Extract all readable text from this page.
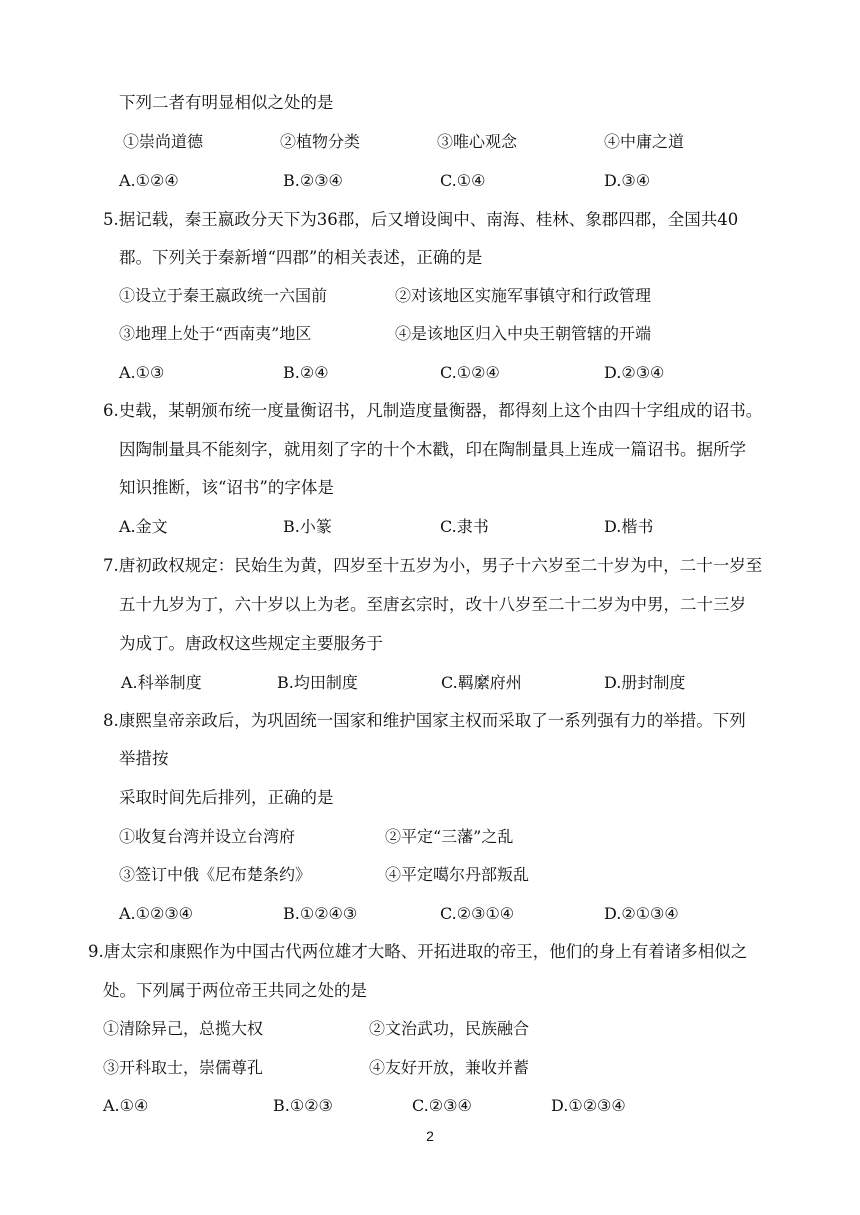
下列二者有明显相似之处的是
①崇尚道德	②植物分类	③唯心观念	④中庸之道
A.①②④	B.②③④	C.①④	D.③④
5.据记载，秦王嬴政分天下为36郡，后又增设闽中、南海、桂林、象郡四郡，全国共40
郡。下列关于秦新增“四郡”的相关表述，正确的是
①设立于秦王嬴政统一六国前	②对该地区实施军事镇守和行政管理
③地理上处于“西南夷”地区	④是该地区归入中央王朝管辖的开端
A.①③	B.②④	C.①②④	D.②③④
6.史载，某朝颁布统一度量衡诏书，凡制造度量衡器，都得刻上这个由四十字组成的诏书。
因陶制量具不能刻字，就用刻了字的十个木戳，印在陶制量具上连成一篇诏书。据所学
知识推断，该“诏书”的字体是
A.金文	B.小篆	C.隶书	D.楷书
7.唐初政权规定：民始生为黄，四岁至十五岁为小，男子十六岁至二十岁为中，二十一岁至
五十九岁为丁，六十岁以上为老。至唐玄宗时，改十八岁至二十二岁为中男，二十三岁
为成丁。唐政权这些规定主要服务于
A.科举制度	B.均田制度	C.羁縻府州	D.册封制度
8.康熙皇帝亲政后，为巩固统一国家和维护国家主权而采取了一系列强有力的举措。下列
举措按
采取时间先后排列，正确的是
①收复台湾并设立台湾府	②平定“三藩”之乱
③签订中俄《尼布楚条约》	④平定噶尔丹部叛乱
A.①②③④	B.①②④③	C.②③①④	D.②①③④
9.唐太宗和康熙作为中国古代两位雄才大略、开拓进取的帝王，他们的身上有着诸多相似之
处。下列属于两位帝王共同之处的是
①清除异己，总揽大权	②文治武功，民族融合
③开科取士，崇儒尊孔	④友好开放，兼收并蓄
A.①④	B.①②③	C.②③④	D.①②③④
2
